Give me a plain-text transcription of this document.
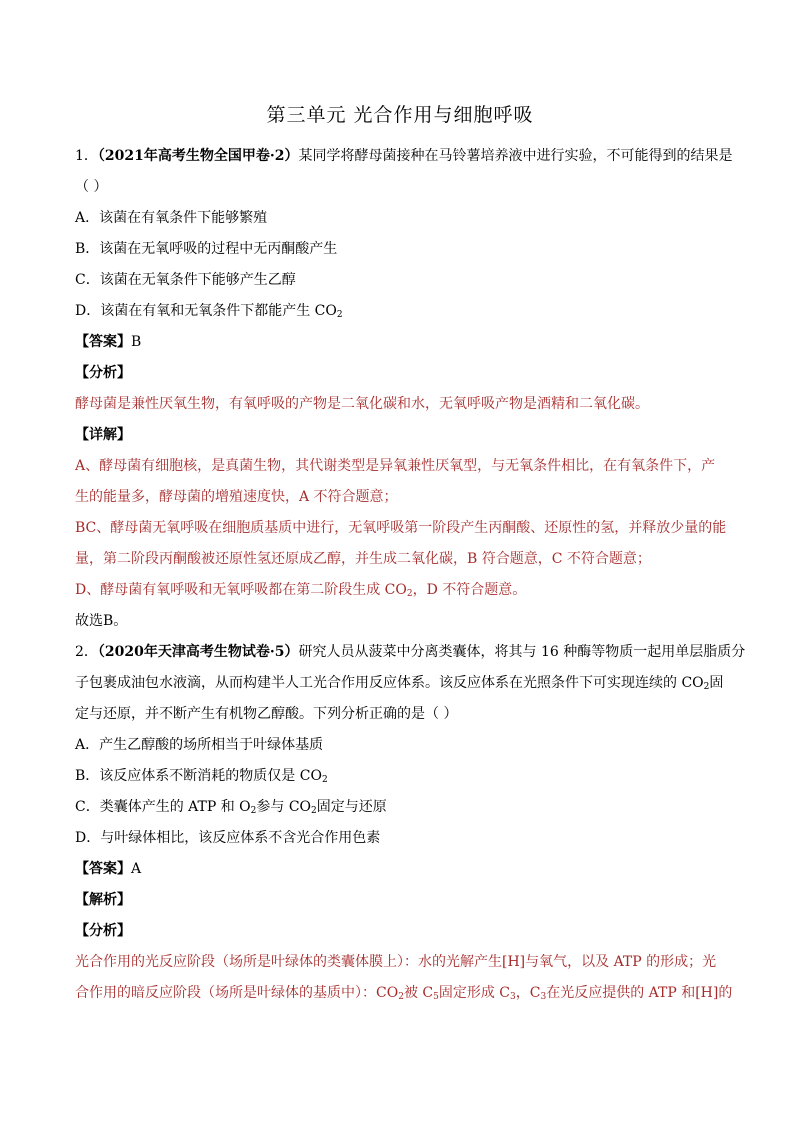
第三单元 光合作用与细胞呼吸
1．（2021年高考生物全国甲卷·2）某同学将酵母菌接种在马铃薯培养液中进行实验，不可能得到的结果是
（ ）
A．该菌在有氧条件下能够繁殖
B．该菌在无氧呼吸的过程中无丙酮酸产生
C．该菌在无氧条件下能够产生乙醇
D．该菌在有氧和无氧条件下都能产生 $CO_2$
【答案】B
【分析】
酵母菌是兼性厌氧生物，有氧呼吸的产物是二氧化碳和水，无氧呼吸产物是酒精和二氧化碳。
【详解】
A、酵母菌有细胞核，是真菌生物，其代谢类型是异氧兼性厌氧型，与无氧条件相比，在有氧条件下，产
生的能量多，酵母菌的增殖速度快，A 不符合题意；
BC、酵母菌无氧呼吸在细胞质基质中进行，无氧呼吸第一阶段产生丙酮酸、还原性的氢，并释放少量的能
量，第二阶段丙酮酸被还原性氢还原成乙醇，并生成二氧化碳，B 符合题意，C 不符合题意；
D、酵母菌有氧呼吸和无氧呼吸都在第二阶段生成 $CO_2$，D 不符合题意。
故选B。
2．（2020年天津高考生物试卷·5）研究人员从菠菜中分离类囊体，将其与 16 种酶等物质一起用单层脂质分
子包裹成油包水液滴，从而构建半人工光合作用反应体系。该反应体系在光照条件下可实现连续的 $CO_2$固
定与还原，并不断产生有机物乙醇酸。下列分析正确的是（ ）
A．产生乙醇酸的场所相当于叶绿体基质
B．该反应体系不断消耗的物质仅是 $CO_2$
C．类囊体产生的 ATP 和 $O_2$参与 $CO_2$固定与还原
D．与叶绿体相比，该反应体系不含光合作用色素
【答案】A
【解析】
【分析】
光合作用的光反应阶段（场所是叶绿体的类囊体膜上）：水的光解产生[H]与氧气，以及 ATP 的形成；光
合作用的暗反应阶段（场所是叶绿体的基质中）：$CO_2$被 $C_5$固定形成 $C_3$，$C_3$在光反应提供的 ATP 和[H]的
